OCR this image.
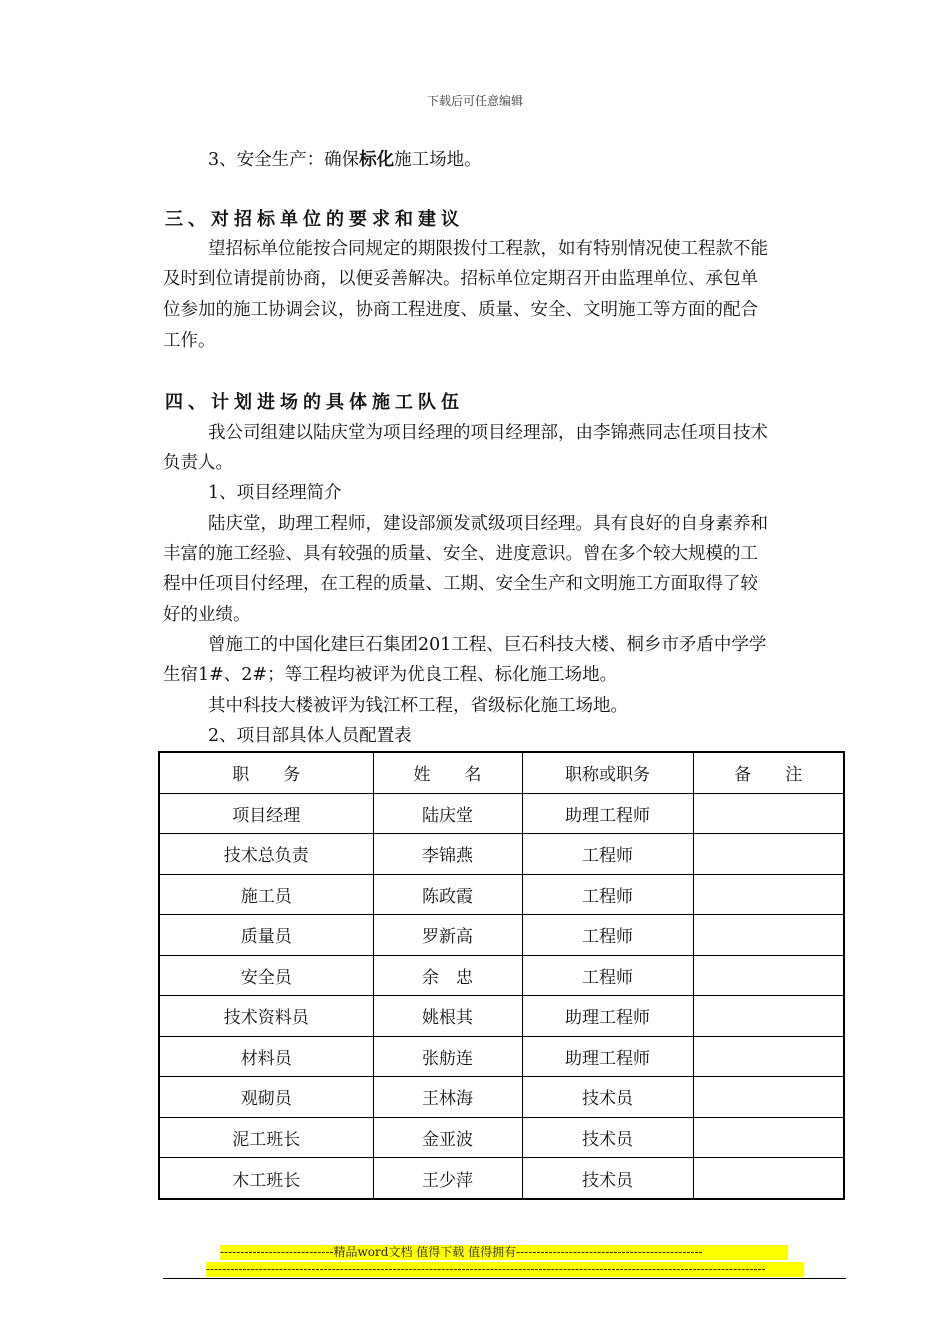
下载后可任意编辑
3、安全生产：确保标化施工场地。
三、对招标单位的要求和建议
望招标单位能按合同规定的期限拨付工程款，如有特别情况使工程款不能
及时到位请提前协商，以便妥善解决。招标单位定期召开由监理单位、承包单
位参加的施工协调会议，协商工程进度、质量、安全、文明施工等方面的配合
工作。
四、计划进场的具体施工队伍
我公司组建以陆庆堂为项目经理的项目经理部，由李锦燕同志任项目技术
负责人。
1、项目经理简介
陆庆堂，助理工程师，建设部颁发贰级项目经理。具有良好的自身素养和
丰富的施工经验、具有较强的质量、安全、进度意识。曾在多个较大规模的工
程中任项目付经理，在工程的质量、工期、安全生产和文明施工方面取得了较
好的业绩。
曾施工的中国化建巨石集团201工程、巨石科技大楼、桐乡市矛盾中学学
生宿1#、2#；等工程均被评为优良工程、标化施工场地。
其中科技大楼被评为钱江杯工程，省级标化施工场地。
2、项目部具体人员配置表
职　　务	姓　　名	职称或职务	备　　注
项目经理	陆庆堂	助理工程师	
技术总负责	李锦燕	工程师	
施工员	陈政霞	工程师	
质量员	罗新高	工程师	
安全员	余　忠	工程师	
技术资料员	姚根其	助理工程师	
材料员	张舫连	助理工程师	
观砌员	王林海	技术员	
泥工班长	金亚波	技术员	
木工班长	王少萍	技术员	
----------------------------精品word文档 值得下载 值得拥有----------------------------------------------
------------------------------------------------------------------------------------------------------------------------------------------
